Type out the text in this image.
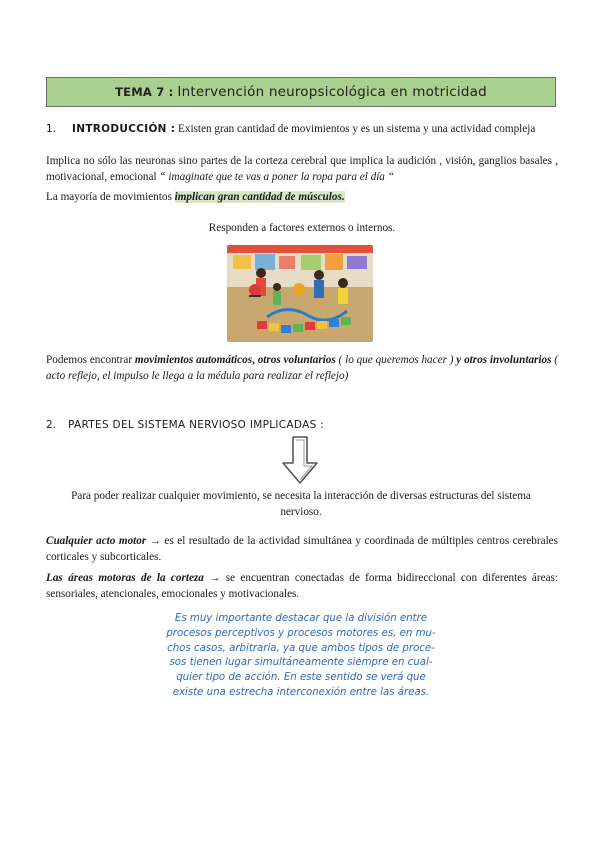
TEMA 7 : Intervención neuropsicológica en motricidad
1. INTRODUCCIÓN : Existen gran cantidad de movimientos y es un sistema y una actividad compleja
Implica no sólo las neuronas sino partes de la corteza cerebral que implica la audición , visión, ganglios basales , motivacional, emocional “ imaginate que te vas a poner la ropa para el día “
La mayoría de movimientos implican gran cantidad de músculos.
Responden a factores externos o internos.
Podemos encontrar movimientos automáticos, otros voluntarios ( lo que queremos hacer ) y otros involuntarios ( acto reflejo, el impulso le llega a la médula para realizar el reflejo)
2. PARTES DEL SISTEMA NERVIOSO IMPLICADAS :
Para poder realizar cualquier movimiento, se necesita la interacción de diversas estructuras del sistema nervioso.
Cualquier acto motor → es el resultado de la actividad simultánea y coordinada de múltiples centros cerebrales corticales y subcorticales.
Las áreas motoras de la corteza → se encuentran conectadas de forma bidireccional con diferentes áreas: sensoriales, atencionales, emocionales y motivacionales.
Es muy importante destacar que la división entre
procesos perceptivos y procesos motores es, en mu-
chos casos, arbitraria, ya que ambos tipos de proce-
sos tienen lugar simultáneamente siempre en cual-
quier tipo de acción. En este sentido se verá que
existe una estrecha interconexión entre las áreas.
